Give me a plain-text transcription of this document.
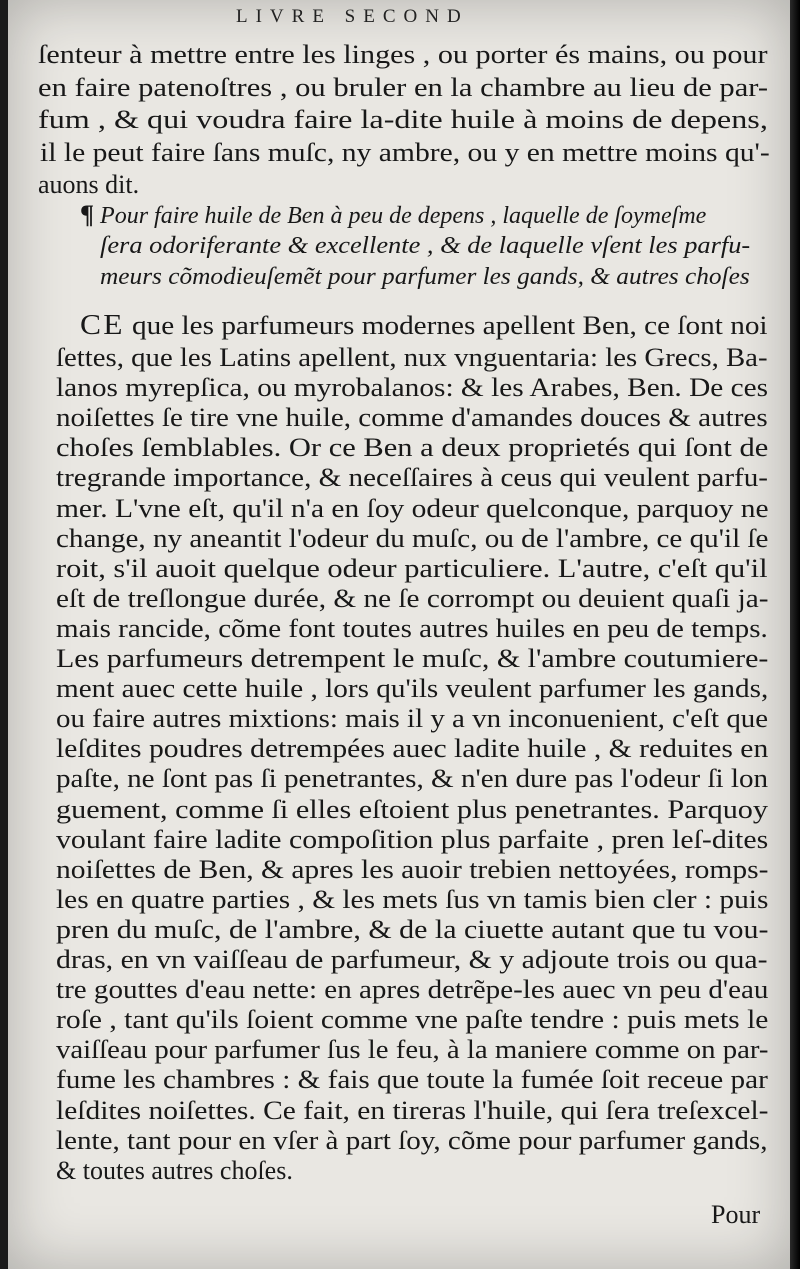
LIVRE SECOND
ſenteur à mettre entre les linges , ou porter és mains, ou pour
en faire patenoſtres , ou bruler en la chambre au lieu de par-
fum , & qui voudra faire la-dite huile à moins de depens,
il le peut faire ſans muſc, ny ambre, ou y en mettre moins qu'-
auons dit.
¶ Pour faire huile de Ben à peu de depens , laquelle de ſoymeſme
ſera odoriferante & excellente , & de laquelle vſent les parfu-
meurs cõmodieuſemẽt pour parfumer les gands, & autres choſes
CE que les parfumeurs modernes apellent Ben, ce ſont noi
ſettes, que les Latins apellent, nux vnguentaria: les Grecs, Ba-
lanos myrepſica, ou myrobalanos: & les Arabes, Ben. De ces
noiſettes ſe tire vne huile, comme d'amandes douces & autres
choſes ſemblables. Or ce Ben a deux proprietés qui ſont de
tregrande importance, & neceſſaires à ceus qui veulent parfu-
mer. L'vne eſt, qu'il n'a en ſoy odeur quelconque, parquoy ne
change, ny aneantit l'odeur du muſc, ou de l'ambre, ce qu'il ſe
roit, s'il auoit quelque odeur particuliere. L'autre, c'eſt qu'il
eſt de treſlongue durée, & ne ſe corrompt ou deuient quaſi ja-
mais rancide, cõme font toutes autres huiles en peu de temps.
Les parfumeurs detrempent le muſc, & l'ambre coutumiere-
ment auec cette huile , lors qu'ils veulent parfumer les gands,
ou faire autres mixtions: mais il y a vn inconuenient, c'eſt que
leſdites poudres detrempées auec ladite huile , & reduites en
paſte, ne ſont pas ſi penetrantes, & n'en dure pas l'odeur ſi lon
guement, comme ſi elles eſtoient plus penetrantes. Parquoy
voulant faire ladite compoſition plus parfaite , pren leſ-dites
noiſettes de Ben, & apres les auoir trebien nettoyées, romps-
les en quatre parties , & les mets ſus vn tamis bien cler : puis
pren du muſc, de l'ambre, & de la ciuette autant que tu vou-
dras, en vn vaiſſeau de parfumeur, & y adjoute trois ou qua-
tre gouttes d'eau nette: en apres detrẽpe-les auec vn peu d'eau
roſe , tant qu'ils ſoient comme vne paſte tendre : puis mets le
vaiſſeau pour parfumer ſus le feu, à la maniere comme on par-
fume les chambres : & fais que toute la fumée ſoit receue par
leſdites noiſettes. Ce fait, en tireras l'huile, qui ſera treſexcel-
lente, tant pour en vſer à part ſoy, cõme pour parfumer gands,
& toutes autres choſes.
Pour
